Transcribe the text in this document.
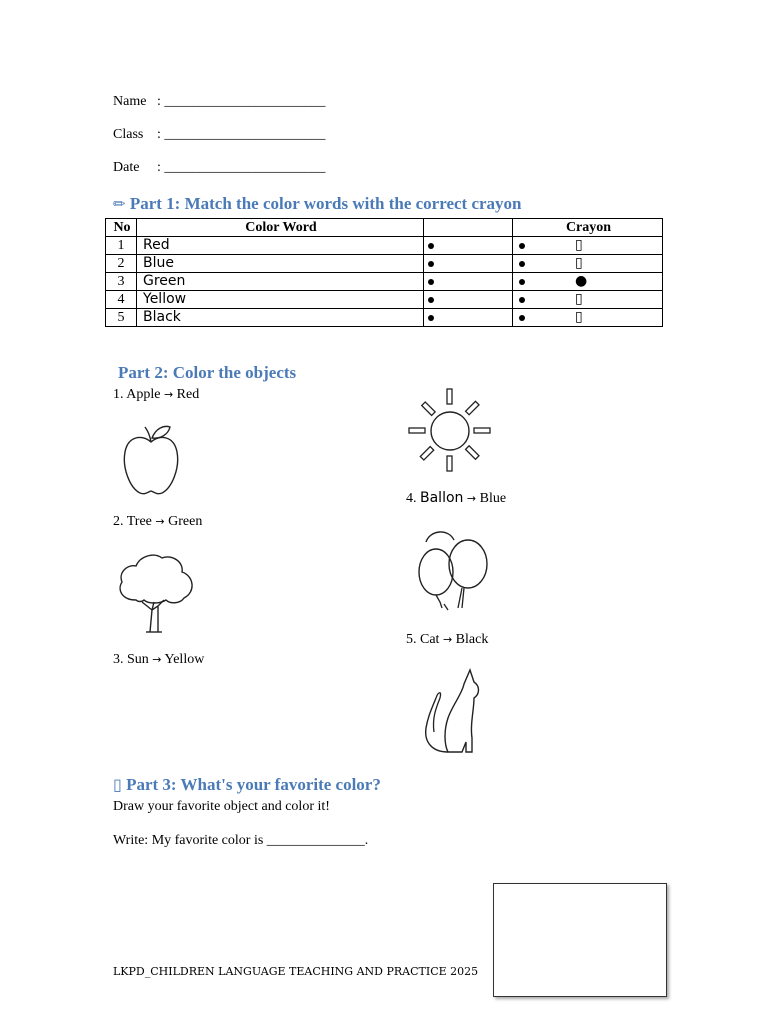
Name : _______________________
Class : _______________________
Date : _______________________
✏ Part 1: Match the color words with the correct crayon
No	Color Word		Crayon
1	Red		▯
2	Blue		▯
3	Green		●
4	Yellow		▯
5	Black		▯
Part 2: Color the objects
1. Apple → Red
2. Tree → Green
3. Sun → Yellow
4. Ballon → Blue
5. Cat → Black
▯ Part 3: What's your favorite color?
Draw your favorite object and color it!
Write: My favorite color is ______________.
LKPD_CHILDREN LANGUAGE TEACHING AND PRACTICE 2025
